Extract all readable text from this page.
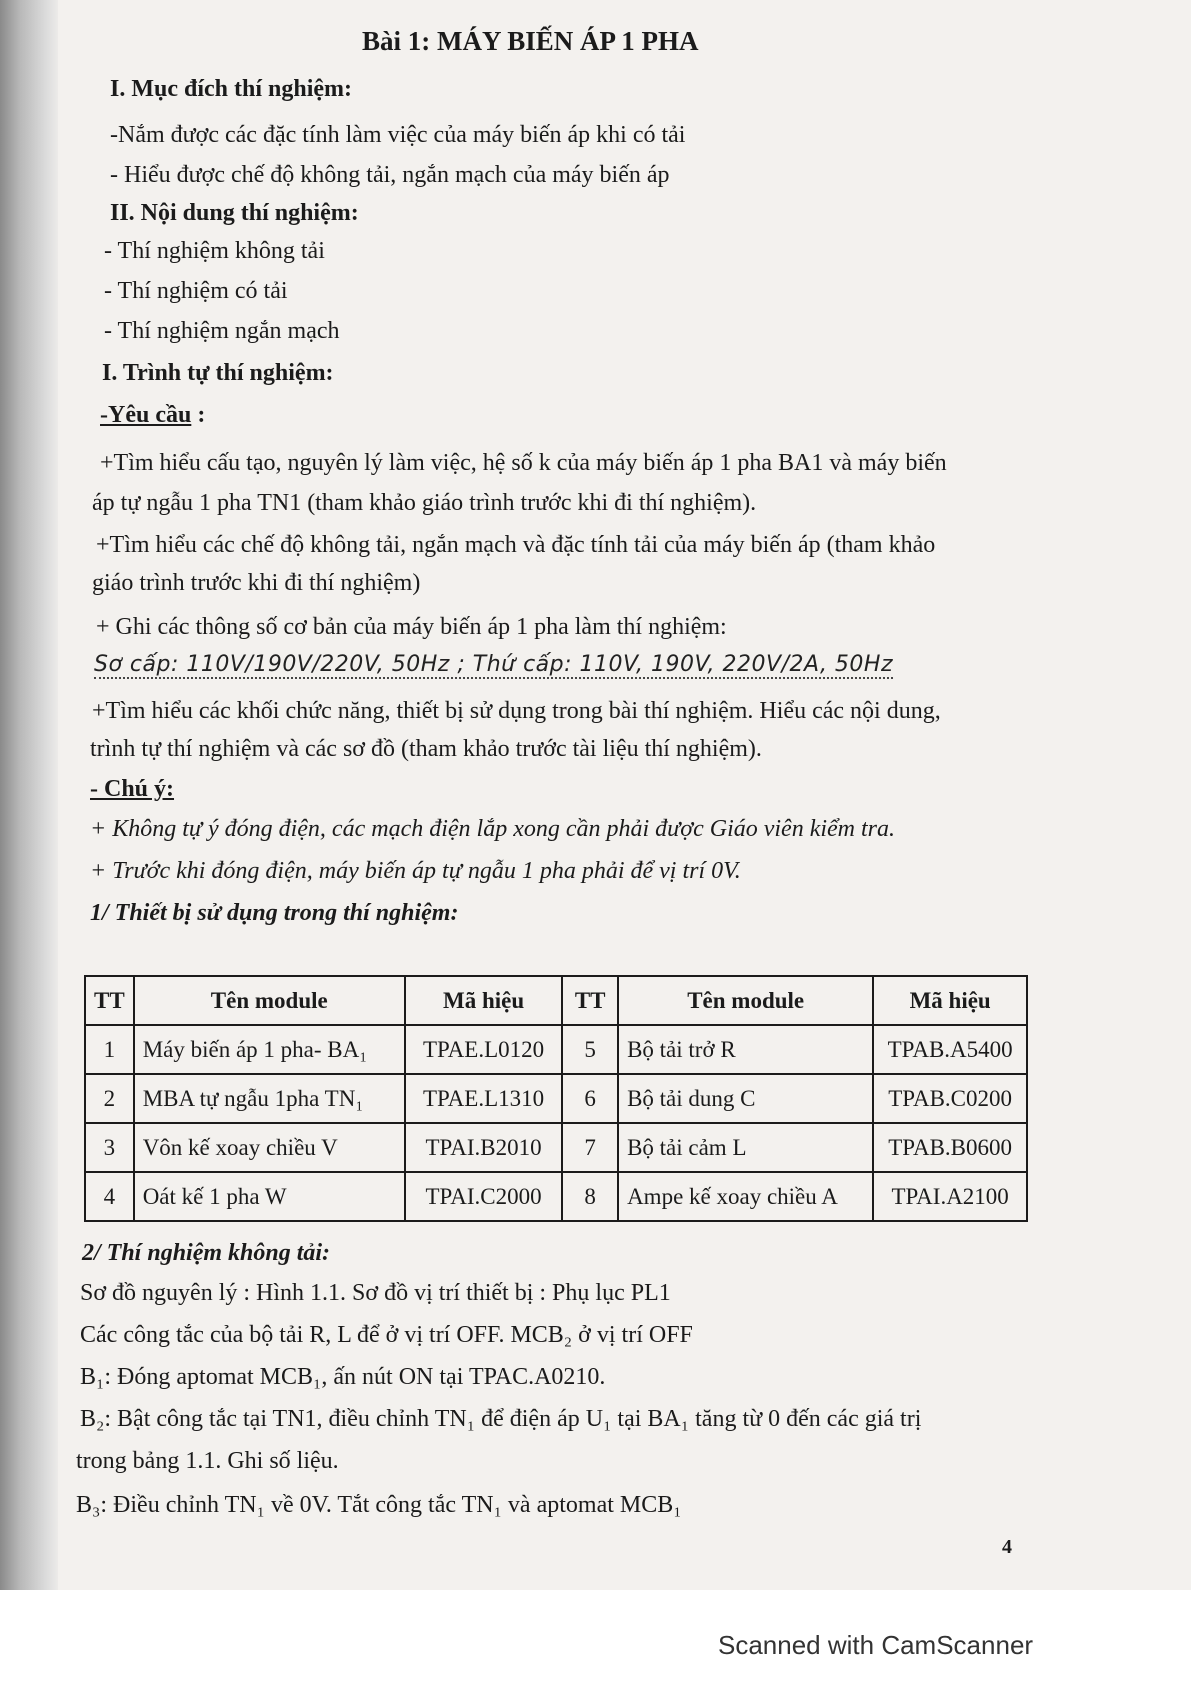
Bài 1: MÁY BIẾN ÁP 1 PHA
I. Mục đích thí nghiệm:
-Nắm được các đặc tính làm việc của máy biến áp khi có tải
- Hiểu được chế độ không tải, ngắn mạch của máy biến áp
II. Nội dung thí nghiệm:
- Thí nghiệm không tải
- Thí nghiệm có tải
- Thí nghiệm ngắn mạch
I. Trình tự thí nghiệm:
-Yêu cầu :
+Tìm hiểu cấu tạo, nguyên lý làm việc, hệ số k của máy biến áp 1 pha BA1 và máy biến
áp tự ngẫu 1 pha TN1 (tham khảo giáo trình trước khi đi thí nghiệm).
+Tìm hiểu các chế độ không tải, ngắn mạch và đặc tính tải của máy biến áp (tham khảo
giáo trình trước khi đi thí nghiệm)
+ Ghi các thông số cơ bản của máy biến áp 1 pha làm thí nghiệm:
Sơ cấp: 110V/190V/220V, 50Hz ; Thứ cấp: 110V, 190V, 220V/2A, 50Hz
+Tìm hiểu các khối chức năng, thiết bị sử dụng trong bài thí nghiệm. Hiểu các nội dung,
trình tự thí nghiệm và các sơ đồ (tham khảo trước tài liệu thí nghiệm).
- Chú ý:
+ Không tự ý đóng điện, các mạch điện lắp xong cần phải được Giáo viên kiểm tra.
+ Trước khi đóng điện, máy biến áp tự ngẫu 1 pha phải để vị trí 0V.
1/ Thiết bị sử dụng trong thí nghiệm:
TT	Tên module	Mã hiệu	TT	Tên module	Mã hiệu
1	Máy biến áp 1 pha- BA₁	TPAE.L0120	5	Bộ tải trở R	TPAB.A5400
2	MBA tự ngẫu 1pha TN₁	TPAE.L1310	6	Bộ tải dung C	TPAB.C0200
3	Vôn kế xoay chiều V	TPAI.B2010	7	Bộ tải cảm L	TPAB.B0600
4	Oát kế 1 pha W	TPAI.C2000	8	Ampe kế xoay chiều A	TPAI.A2100
2/ Thí nghiệm không tải:
Sơ đồ nguyên lý : Hình 1.1. Sơ đồ vị trí thiết bị : Phụ lục PL1
Các công tắc của bộ tải R, L để ở vị trí OFF. MCB₂ ở vị trí OFF
B₁: Đóng aptomat MCB₁, ấn nút ON tại TPAC.A0210.
B₂: Bật công tắc tại TN1, điều chỉnh TN₁ để điện áp U₁ tại BA₁ tăng từ 0 đến các giá trị
trong bảng 1.1. Ghi số liệu.
B₃: Điều chỉnh TN₁ về 0V. Tắt công tắc TN₁ và aptomat MCB₁
4
Scanned with CamScanner
